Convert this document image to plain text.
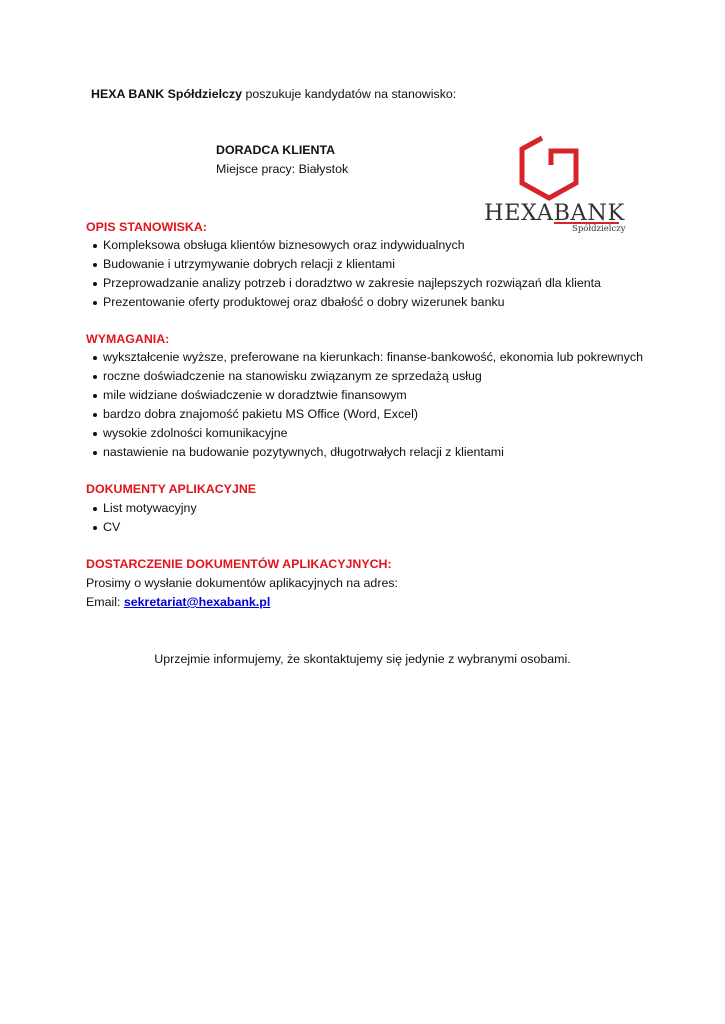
HEXA BANK Spółdzielczy poszukuje kandydatów na stanowisko:
DORADCA KLIENTA
Miejsce pracy: Białystok
HEXABANK
Spółdzielczy
OPIS STANOWISKA:
Kompleksowa obsługa klientów biznesowych oraz indywidualnych
Budowanie i utrzymywanie dobrych relacji z klientami
Przeprowadzanie analizy potrzeb i doradztwo w zakresie najlepszych rozwiązań dla klienta
Prezentowanie oferty produktowej oraz dbałość o dobry wizerunek banku
WYMAGANIA:
wykształcenie wyższe, preferowane na kierunkach: finanse-bankowość, ekonomia lub pokrewnych
roczne doświadczenie na stanowisku związanym ze sprzedażą usług
mile widziane doświadczenie w doradztwie finansowym
bardzo dobra znajomość pakietu MS Office (Word, Excel)
wysokie zdolności komunikacyjne
nastawienie na budowanie pozytywnych, długotrwałych relacji z klientami
DOKUMENTY APLIKACYJNE
List motywacyjny
CV
DOSTARCZENIE DOKUMENTÓW APLIKACYJNYCH:
Prosimy o wysłanie dokumentów aplikacyjnych na adres:
Email: sekretariat@hexabank.pl
Uprzejmie informujemy, że skontaktujemy się jedynie z wybranymi osobami.
